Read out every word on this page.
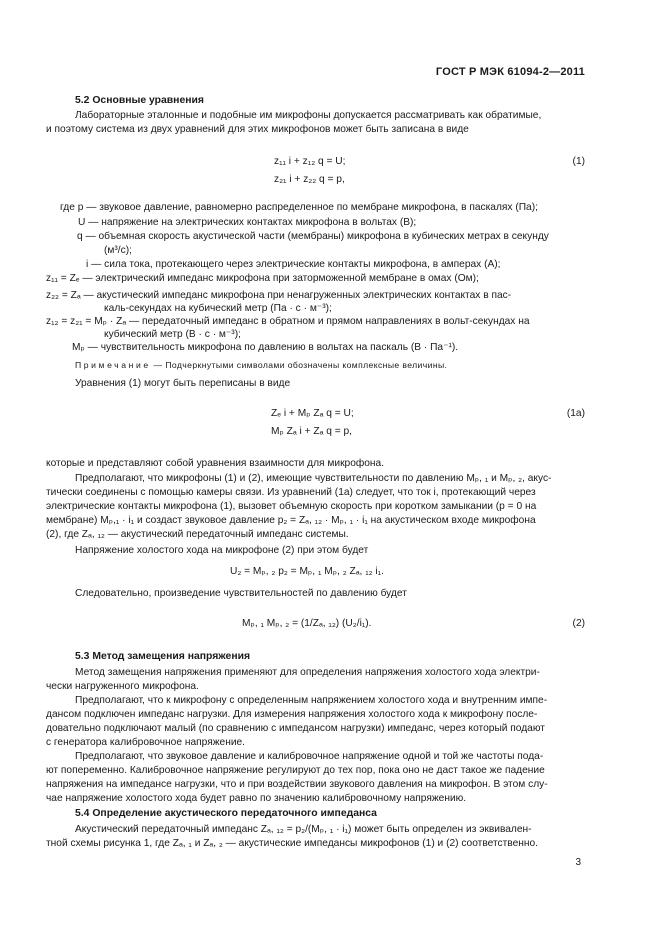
ГОСТ Р МЭК 61094-2—2011
5.2 Основные уравнения
Лабораторные эталонные и подобные им микрофоны допускается рассматривать как обратимые,
и поэтому система из двух уравнений для этих микрофонов может быть записана в виде
z₁₁ i + z₁₂ q = U;
z₂₁ i + z₂₂ q = p,
(1)
где p — звуковое давление, равномерно распределенное по мембране микрофона, в паскалях (Па);
U — напряжение на электрических контактах микрофона в вольтах (В);
q — объемная скорость акустической части (мембраны) микрофона в кубических метрах в секунду
(м³/с);
i — сила тока, протекающего через электрические контакты микрофона, в амперах (А);
z₁₁ = Zₑ — электрический импеданс микрофона при заторможенной мембране в омах (Ом);
z₂₂ = Zₐ — акустический импеданс микрофона при ненагруженных электрических контактах в пас-
каль-секундах на кубический метр (Па · с · м⁻³);
z₁₂ = z₂₁ = Mₚ · Zₐ — передаточный импеданс в обратном и прямом направлениях в вольт-секундах на
кубический метр (В · с · м⁻³);
Mₚ — чувствительность микрофона по давлению в вольтах на паскаль (В · Па⁻¹).
Примечание — Подчеркнутыми символами обозначены комплексные величины.
Уравнения (1) могут быть переписаны в виде
Zₑ i + Mₚ Zₐ q = U;
Mₚ Zₐ i + Zₐ q = p,
(1a)
которые и представляют собой уравнения взаимности для микрофона.
Предполагают, что микрофоны (1) и (2), имеющие чувствительности по давлению Mₚ, ₁ и Mₚ, ₂, акус-
тически соединены с помощью камеры связи. Из уравнений (1a) следует, что ток i, протекающий через
электрические контакты микрофона (1), вызовет объемную скорость при коротком замыкании (p = 0 на
мембране) Mₚ,₁ · i₁ и создаст звуковое давление p₂ = Zₐ, ₁₂ · Mₚ, ₁ · i₁ на акустическом входе микрофона
(2), где Zₐ, ₁₂ — акустический передаточный импеданс системы.
Напряжение холостого хода на микрофоне (2) при этом будет
U₂ = Mₚ, ₂ p₂ = Mₚ, ₁ Mₚ, ₂ Zₐ, ₁₂ i₁.
Следовательно, произведение чувствительностей по давлению будет
Mₚ, ₁ Mₚ, ₂ = (1/Zₐ, ₁₂) (U₂/i₁).	(2)
5.3 Метод замещения напряжения
Метод замещения напряжения применяют для определения напряжения холостого хода электри-
чески нагруженного микрофона.
Предполагают, что к микрофону с определенным напряжением холостого хода и внутренним импе-
дансом подключен импеданс нагрузки. Для измерения напряжения холостого хода к микрофону после-
довательно подключают малый (по сравнению с импедансом нагрузки) импеданс, через который подают
с генератора калибровочное напряжение.
Предполагают, что звуковое давление и калибровочное напряжение одной и той же частоты пода-
ют попеременно. Калибровочное напряжение регулируют до тех пор, пока оно не даст такое же падение
напряжения на импедансе нагрузки, что и при воздействии звукового давления на микрофон. В этом слу-
чае напряжение холостого хода будет равно по значению калибровочному напряжению.
5.4 Определение акустического передаточного импеданса
Акустический передаточный импеданс Zₐ, ₁₂ = p₂/(Mₚ, ₁ · i₁) может быть определен из эквивален-
тной схемы рисунка 1, где Zₐ, ₁ и Zₐ, ₂ — акустические импедансы микрофонов (1) и (2) соответственно.
3
